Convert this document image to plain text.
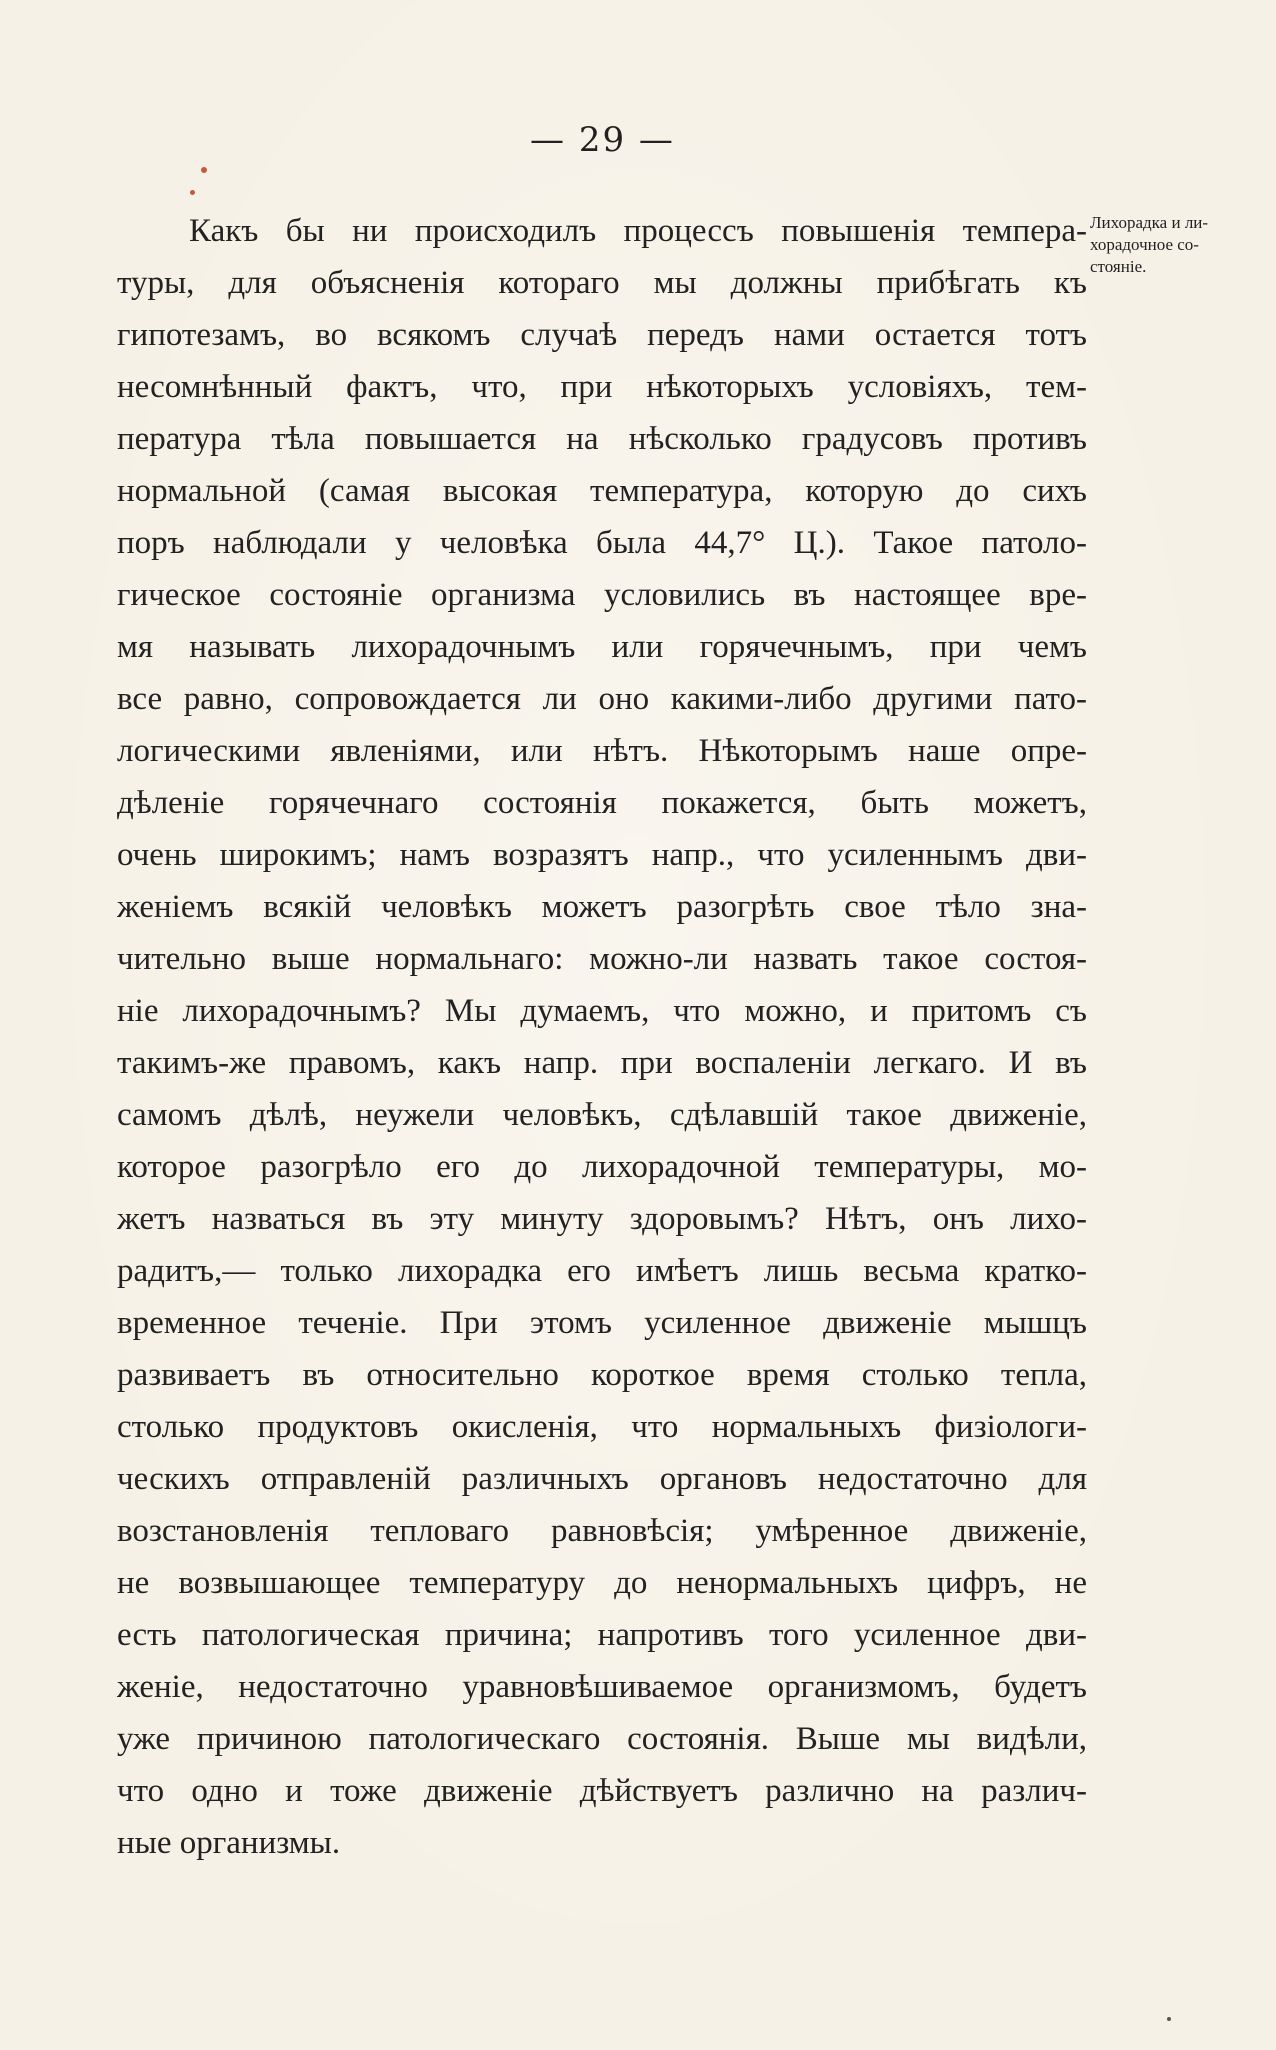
— 29 —
Лихорадка и ли-
хорадочное со-
стояніе.
Какъ бы ни происходилъ процессъ повышенія темпера-
туры, для объясненія котораго мы должны прибѣгать къ
гипотезамъ, во всякомъ случаѣ передъ нами остается тотъ
несомнѣнный фактъ, что, при нѣкоторыхъ условіяхъ, тем-
пература тѣла повышается на нѣсколько градусовъ противъ
нормальной (самая высокая температура, которую до сихъ
поръ наблюдали у человѣка была 44,7° Ц.). Такое патоло-
гическое состояніе организма условились въ настоящее вре-
мя называть лихорадочнымъ или горячечнымъ, при чемъ
все равно, сопровождается ли оно какими-либо другими пато-
логическими явленіями, или нѣтъ. Нѣкоторымъ наше опре-
дѣленіе горячечнаго состоянія покажется, быть можетъ,
очень широкимъ; намъ возразятъ напр., что усиленнымъ дви-
женіемъ всякій человѣкъ можетъ разогрѣть свое тѣло зна-
чительно выше нормальнаго: можно-ли назвать такое состоя-
ніе лихорадочнымъ? Мы думаемъ, что можно, и притомъ съ
такимъ-же правомъ, какъ напр. при воспаленіи легкаго. И въ
самомъ дѣлѣ, неужели человѣкъ, сдѣлавшій такое движеніе,
которое разогрѣло его до лихорадочной температуры, мо-
жетъ назваться въ эту минуту здоровымъ? Нѣтъ, онъ лихо-
радитъ,— только лихорадка его имѣетъ лишь весьма кратко-
временное теченіе. При этомъ усиленное движеніе мышцъ
развиваетъ въ относительно короткое время столько тепла,
столько продуктовъ окисленія, что нормальныхъ физіологи-
ческихъ отправленій различныхъ органовъ недостаточно для
возстановленія тепловаго равновѣсія; умѣренное движеніе,
не возвышающее температуру до ненормальныхъ цифръ, не
есть патологическая причина; напротивъ того усиленное дви-
женіе, недостаточно уравновѣшиваемое организмомъ, будетъ
уже причиною патологическаго состоянія. Выше мы видѣли,
что одно и тоже движеніе дѣйствуетъ различно на различ-
ные организмы.
